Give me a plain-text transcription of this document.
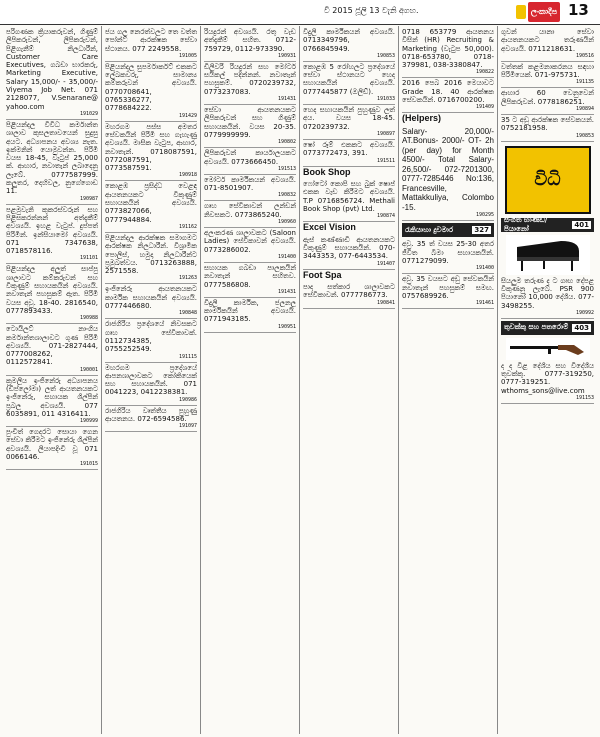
වී 2015 ජූලි 13 වැනි අගහ.	ලංකාදීප 13
පරිගණක ක්‍රියාකරුවන්, ගිණුම් ලිපිකරුවන්, ලිපිකරුවන්, පිළිගැනීම් නිලධාරීන්, Customer Care Executives, ගබඩා භාරකරු, Marketing Executive, Salary 15,000/- - 35,000/- Viyema Job Net. 071 2128077, V.Senarane@ yahoo.com
191029
පිළියන්දල විවිධ කර්මාන්ත ශාලාව කුසලතාවයෙන් සුදුසු අයට. අධ්‍යාපනය අවශ්‍ය නැත. ඉක්මනින් යොමුවන්න. පිරිමි වයස 18-45, වැටුප් 25,000 ක්. ආහාර, නවාතැන් ලබාදෙනු ලැබේ. 0777587999. කලුතර, දෙහිවල, නුගේගොඩ 11.
190987
පළමුවැනි කුකරස්වරුන් සහ පිළිසකරන්නන් අත්දැකීම් අවශ්‍යයි. ඉහළ වැටුප්. දුප්පත් පිරිමින්. ඉන්සියාමෝ අවශ්‍යයි. 071 7347638, 0718578116.
191101
පිළියන්දල අලුත් සාප්පු ශාලාවට කම්කරුවන් සහ විකුණුම් සහායකයින් අවශ්‍යයි. නවාතැන් පහසුකම් ඇත. පිරිමි වයස අවු. 18-40. 2816540, 0777893433.
190988
ටොයිලට් නාංගිය කර්මාන්තශාලාවට ගුණ පිරිමි අවශ්‍යයි. 071-2827444, 0777008262, 0112572841.
190001
ක්‍රමලිය ඉංජිනේරු අධ්‍යාපනය (ඩිප්ලෝමා) ලත් ආයතනයකට ඉංජිනේරු, සහායක ශිල්පීන් ප්‍රබල අවශ්‍යයි. 077 6035891, 011 4316411.
190999
පුංචිත් ගෙදරට සොයා ගෙන සේවා කිරීමට ඉංජිනේරු ශිල්පීන් අවශ්‍යයි. ලියාපදිංචි වූ 071 0066146.
191015
ජය ගල නෙරත්වලට තෙ වත්ත පෝන්ට් ආරක්ෂක සේවා ස්ථානය. 077 2249558.
191005
පිළියන්දල සුපර්මාර්කට් එකකට ලේඛකවරු, සාමාන්‍ය කම්කරුවන් අවශ්‍යයි. 0770708641, 0765336277, 0778684222.
191429
මහරගම පස්ස අමතර සේවකයින් පිරිමි සහ ගැහැණු අවශ්‍යයි. මාසික වැටුප, ආහාර, නවාතැන්. 0718087591, 0772087591, 0773587591.
190918
කොළඹ ප්‍රසිද්ධ වෙළඳ ආයතනයකට විකුණුම් සහායකයින් අවශ්‍යයි. 0773827066, 0777944884.
191162
පිළියන්දල ආරක්ෂක සමාගමට ආරක්ෂක නිලධාරීන්. විශ්‍රාමික පොලිස්, හමුදා නිලධාරීන්ට ප්‍රමුඛත්වය. 0713263888, 2571558.
191263
ඉංජිනේරු ආයතනයකට කාර්මික සහායකයින් අවශ්‍යයි. 0777446680.
190848
රාජගිරිය ප්‍රදේශයේ නිවසකට ගෘහ සේවිකාවක්. 0112734385, 0755252549.
191115
මහරගම ප්‍රදේශයේ ආපනශාලාවකට කෝකියෙක් සහ සහායකයින්. 071 0041223, 0412238381.
190986
රාජගිරිය වෘත්තීය පුහුණු ආයතනය. 072-6594586.
191097
රියදුරන් අවශ්‍යයි. රතු වැඩ අත්දැකීම් සහිත. 0712-759729, 0112-973390.
190931
ඩිලිවරි රියදුරන් සහ මෝටර් සයිකල් පදින්නන්. නවාතැන් පහසුකම්. 0720239732, 0773237083.
191431
සේවා ආයතනයකට ලිපිකරුවන් සහ ගිණුම් සහායකයින්. වයස 20-35. 0779999999.
190802
ලිපිකරුවන් කාර්යාලයකට අවශ්‍යයි. 0773666450.
191513
මෝටර් කාර්මිකයන් අවශ්‍යයි. 071-8501907.
190832
ගෘහ සේවිකාවන් ලන්ඩන් නිවසකට. 0773865240.
190960
අලංකරණ ශාලාවකට (Saloon Ladies) සේවිකාවන් අවශ්‍යයි. 0773286002.
191400
සහායක ගබඩා පාලකයින් නවාතැන් සහිතව. 0777586808.
191431
විදුලි කාර්මික, ජලනල කාර්මිකයින් අවශ්‍යයි. 0771943185.
190951
විදුලි කාර්මිකයන් අවශ්‍යයි. 0713349796, 0766845949.
190853
කොළඹ 5 රෝහලට ප්‍රදේශයේ සේවා ස්ථානයට හෙද සහායකයින් අවශ්‍යයි. 0777445877 (ඔලිඩ්).
191033
හෙද සහායකයින් පුහුණුව ලත් අය. වයස 18-45. 0720239732.
190897
ෂෝ රූම් එකකට අවශ්‍යයි. 0773772473, 391.
191511
Book Shop
ෆෝටෝ කොපි සහ බුක් ෂොප් එකක වැඩ කිරීමට අවශ්‍යයි. T.P 0716856724. Methali Book Shop (pvt) Ltd.
190874
Excel Vision
ඇස් කණ්ණාඩි ආයතනයකට විකුණුම් සහායකයින්. 070-3443353, 077-6443534.
191407
Foot Spa
පාද සත්කාර ශාලාවකට සේවිකාවන්. 0777786773.
190841
0718 653779 ආයතනය විසින් (HR) Recruiting & Marketing (වැටුප 50,000). 0718-653780, 0718-379981, 038-3380847.
190822
2016 පෙබ 2016 මෙයාවට Grade 18. 40 ආරක්ෂක සේවකයින්. 0716700200.
191409
(Helpers)
Salary- 20,000/- AT.Bonus- 2000/- OT- 2h (per day) for Month 4500/- Total Salary- 26,500/- 072-7201300, 0777-7285446 No:136, Francesville, Mattakkuliya, Colombo -15.
190295
රැකියාහා දුවමාර	327
අවු. 35 ත් වයස 25-30 අතර ජීවිත බීමා සහායකයින්. 0771279099.
191400
අවු. 35 වයසට අඩු සේවකයින් නවාතැන් පහසුකම් සමඟ. 0757689926.
191461
ගුවන් යානා සේවා ආයතනයකට තරුණයින් අවශ්‍යයි. 0711218631.
190516
වත්තක් කළමනාකරනය සඳහා පිරිමියෙක්. 071-975731.
191135
ආහාර 60 වෙනුවෙන් ලිපිකරුවන්. 0778186251.
190894
35 ට අඩු ආරක්ෂක සේවකයන්. 0752181958.
190853
විධි
සංගීත භාණ්ඩ/ පියානෝ	401
සියලුම තරුණ ද ට ගෘහ දේපළ විකුණනු ලැබේ. PSR 900 පියානෝ 10,000 දේශීය. 077-3498255.
190992
තුවක්කු සහ පතරොම් 403
ද ද විළ දේශීය සහ විදේශීය තුවක්කු. 0777-319250, 0777-319251. wthoms_sons@live.com
191153
